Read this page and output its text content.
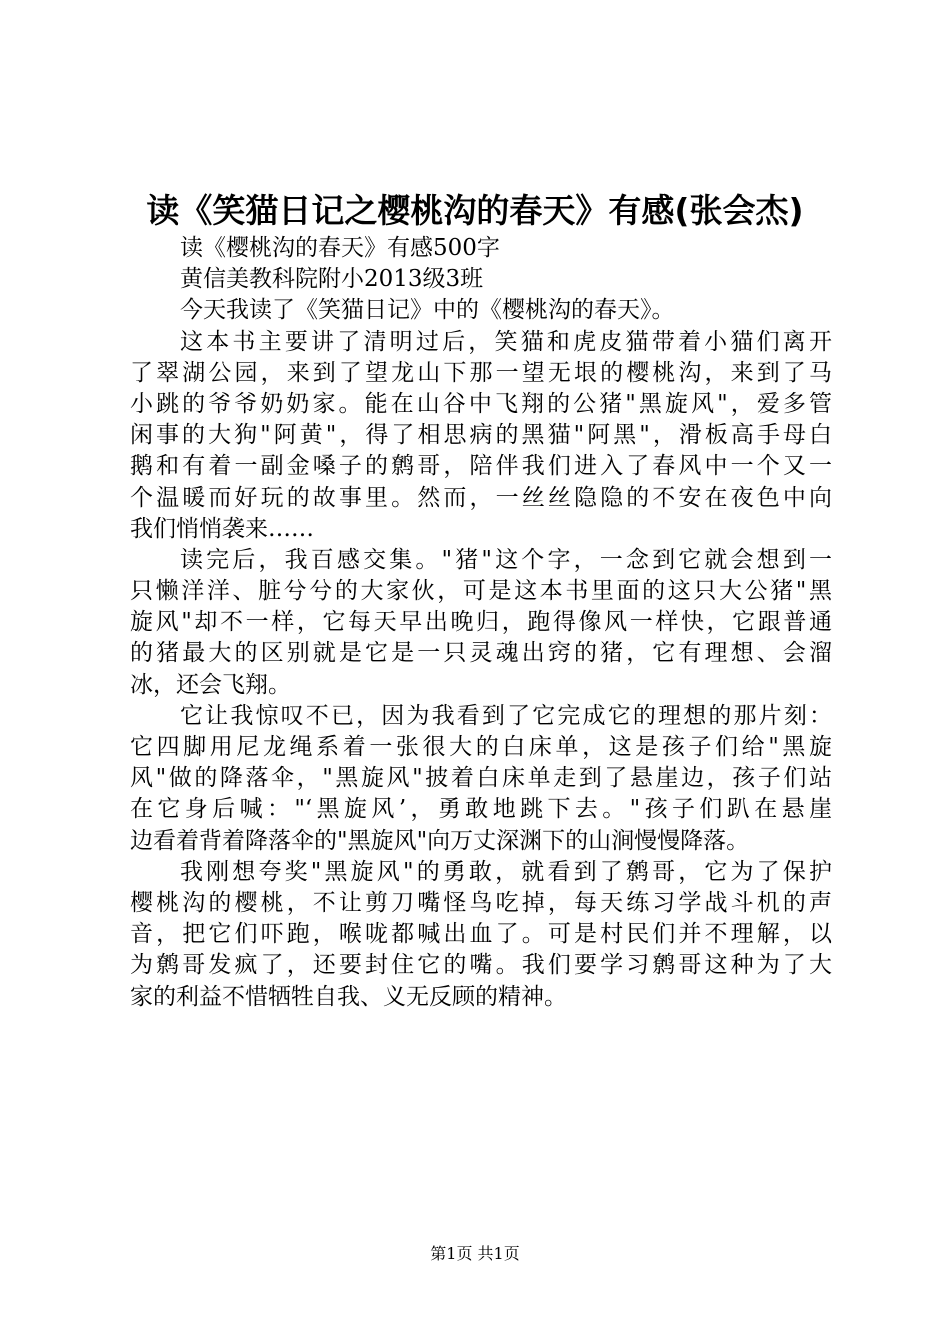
读《笑猫日记之樱桃沟的春天》有感(张会杰)
读《樱桃沟的春天》有感500字
黄信美教科院附小2013级3班
今天我读了《笑猫日记》中的《樱桃沟的春天》。
这本书主要讲了清明过后，笑猫和虎皮猫带着小猫们离开
了翠湖公园，来到了望龙山下那一望无垠的樱桃沟，来到了马
小跳的爷爷奶奶家。能在山谷中飞翔的公猪"黑旋风"，爱多管
闲事的大狗"阿黄"，得了相思病的黑猫"阿黑"，滑板高手母白
鹅和有着一副金嗓子的鹩哥，陪伴我们进入了春风中一个又一
个温暖而好玩的故事里。然而，一丝丝隐隐的不安在夜色中向
我们悄悄袭来……
读完后，我百感交集。"猪"这个字，一念到它就会想到一
只懒洋洋、脏兮兮的大家伙，可是这本书里面的这只大公猪"黑
旋风"却不一样，它每天早出晚归，跑得像风一样快，它跟普通
的猪最大的区别就是它是一只灵魂出窍的猪，它有理想、会溜
冰，还会飞翔。
它让我惊叹不已，因为我看到了它完成它的理想的那片刻：
它四脚用尼龙绳系着一张很大的白床单，这是孩子们给"黑旋
风"做的降落伞，"黑旋风"披着白床单走到了悬崖边，孩子们站
在它身后喊："‘黑旋风’，勇敢地跳下去。"孩子们趴在悬崖
边看着背着降落伞的"黑旋风"向万丈深渊下的山涧慢慢降落。
我刚想夸奖"黑旋风"的勇敢，就看到了鹩哥，它为了保护
樱桃沟的樱桃，不让剪刀嘴怪鸟吃掉，每天练习学战斗机的声
音，把它们吓跑，喉咙都喊出血了。可是村民们并不理解，以
为鹩哥发疯了，还要封住它的嘴。我们要学习鹩哥这种为了大
家的利益不惜牺牲自我、义无反顾的精神。
第1页 共1页
